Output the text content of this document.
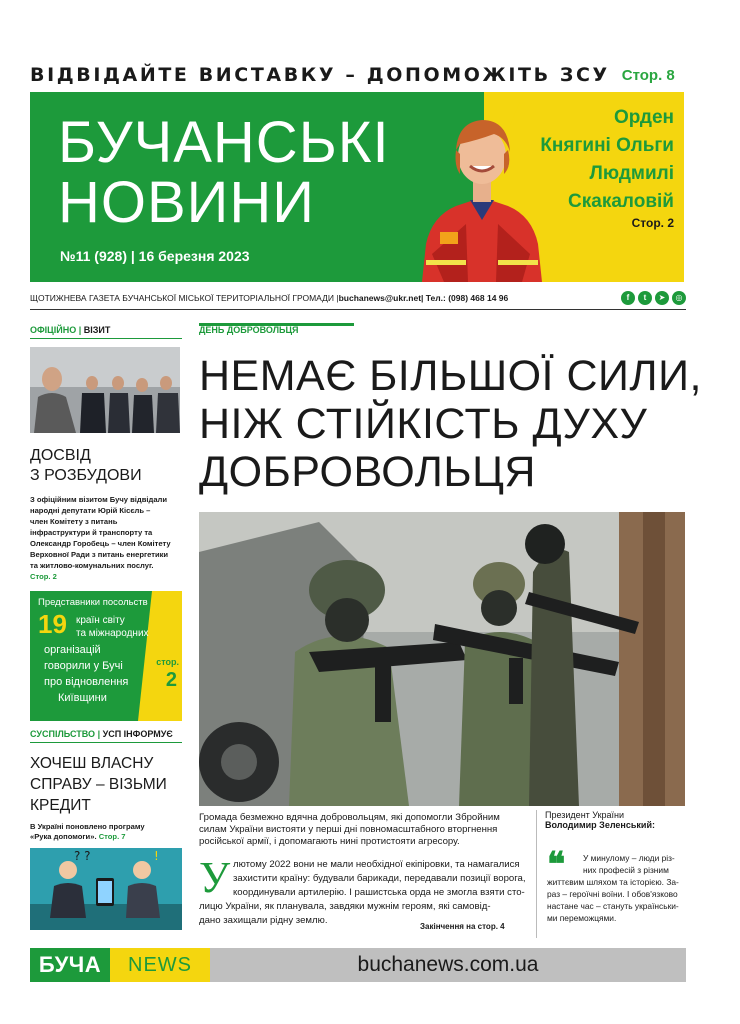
ВІДВІДАЙТЕ ВИСТАВКУ – ДОПОМОЖІТЬ ЗСУ Стор. 8
БУЧАНСЬКІ
НОВИНИ
№11 (928) | 16 березня 2023
Орден
Княгині Ольги
Людмилі
Скакаловій
Стор. 2
ЩОТИЖНЕВА ГАЗЕТА БУЧАНСЬКОЇ МІСЬКОЇ ТЕРИТОРІАЛЬНОЇ ГРОМАДИ | buchanews@ukr.net | Тел.: (098) 468 14 96	f	t	➤	◎
ОФІЦІЙНО | ВІЗИТ
ДОСВІД
З РОЗБУДОВИ
З офіційним візитом Бучу відвідали
народні депутати Юрій Кісєль –
член Комітету з питань
інфраструктури й транспорту та
Олександр Горобець – член Комітету
Верховної Ради з питань енергетики
та житлово-комунальних послуг.
Стор. 2
Представники посольств
19 країн світу
та міжнародних
організацій
говорили у Бучі
про відновлення
Київщини
стор.
2
СУСПІЛЬСТВО | УСП ІНФОРМУЄ
ХОЧЕШ ВЛАСНУ
СПРАВУ – ВІЗЬМИ
КРЕДИТ
В Україні поновлено програму
«Рука допомоги». Стор. 7
? ?	!
ДЕНЬ ДОБРОВОЛЬЦЯ
НЕМАЄ БІЛЬШОЇ СИЛИ,
НІЖ СТІЙКІСТЬ ДУХУ
ДОБРОВОЛЬЦЯ
Громада безмежно вдячна добровольцям, які допомогли Збройним
силам України вистояти у перші дні повномасштабного вторгнення
російської армії, і допомагають нині протистояти агресору.
У лютому 2022 вони не мали необхідної екіпіровки, та намагалися
захистити країну: будували барикади, передавали позиції ворога,
координували артилерію. І рашистська орда не змогла взяти сто-
лицю України, як планувала, завдяки мужнім героям, які самовід-
дано захищали рідну землю.
Закінчення на стор. 4
Президент України
Володимир Зеленський:
❝	У минулому – люди різ-
них професій з різним
життєвим шляхом та історією. За-
раз – героїчні воїни. І обов'язково
настане час – стануть українськи-
ми переможцями.
БУЧА	NEWS	buchanews.com.ua
